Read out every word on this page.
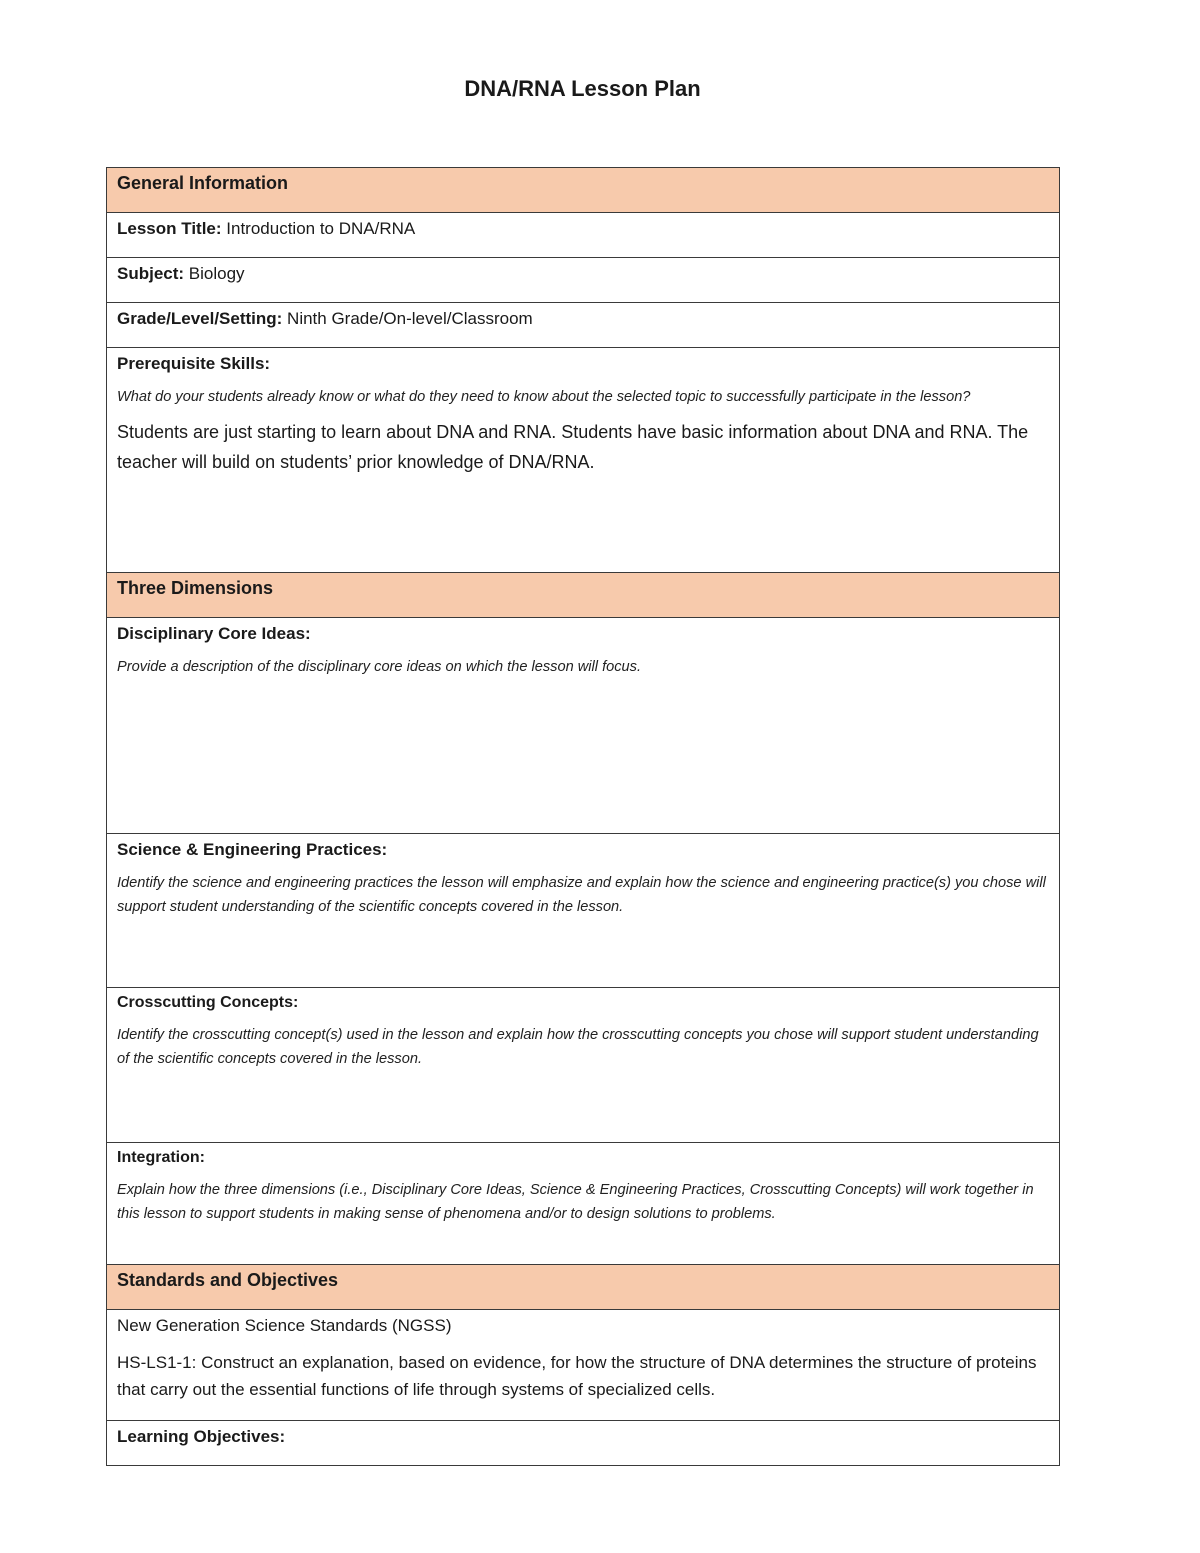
DNA/RNA Lesson Plan
General Information
Lesson Title: Introduction to DNA/RNA
Subject: Biology
Grade/Level/Setting: Ninth Grade/On-level/Classroom

Prerequisite Skills:
What do your students already know or what do they need to know about the selected topic to successfully participate in the lesson?
Students are just starting to learn about DNA and RNA. Students have basic information about DNA and RNA. The teacher will build on students’ prior knowledge of DNA/RNA.

Three Dimensions

Disciplinary Core Ideas:
Provide a description of the disciplinary core ideas on which the lesson will focus.

Science & Engineering Practices:
Identify the science and engineering practices the lesson will emphasize and explain how the science and engineering practice(s) you chose will support student understanding of the scientific concepts covered in the lesson.

Crosscutting Concepts:
Identify the crosscutting concept(s) used in the lesson and explain how the crosscutting concepts you chose will support student understanding of the scientific concepts covered in the lesson.

Integration:
Explain how the three dimensions (i.e., Disciplinary Core Ideas, Science & Engineering Practices, Crosscutting Concepts) will work together in this lesson to support students in making sense of phenomena and/or to design solutions to problems.

Standards and Objectives

New Generation Science Standards (NGSS)
HS-LS1-1: Construct an explanation, based on evidence, for how the structure of DNA determines the structure of proteins that carry out the essential functions of life through systems of specialized cells.

Learning Objectives:
